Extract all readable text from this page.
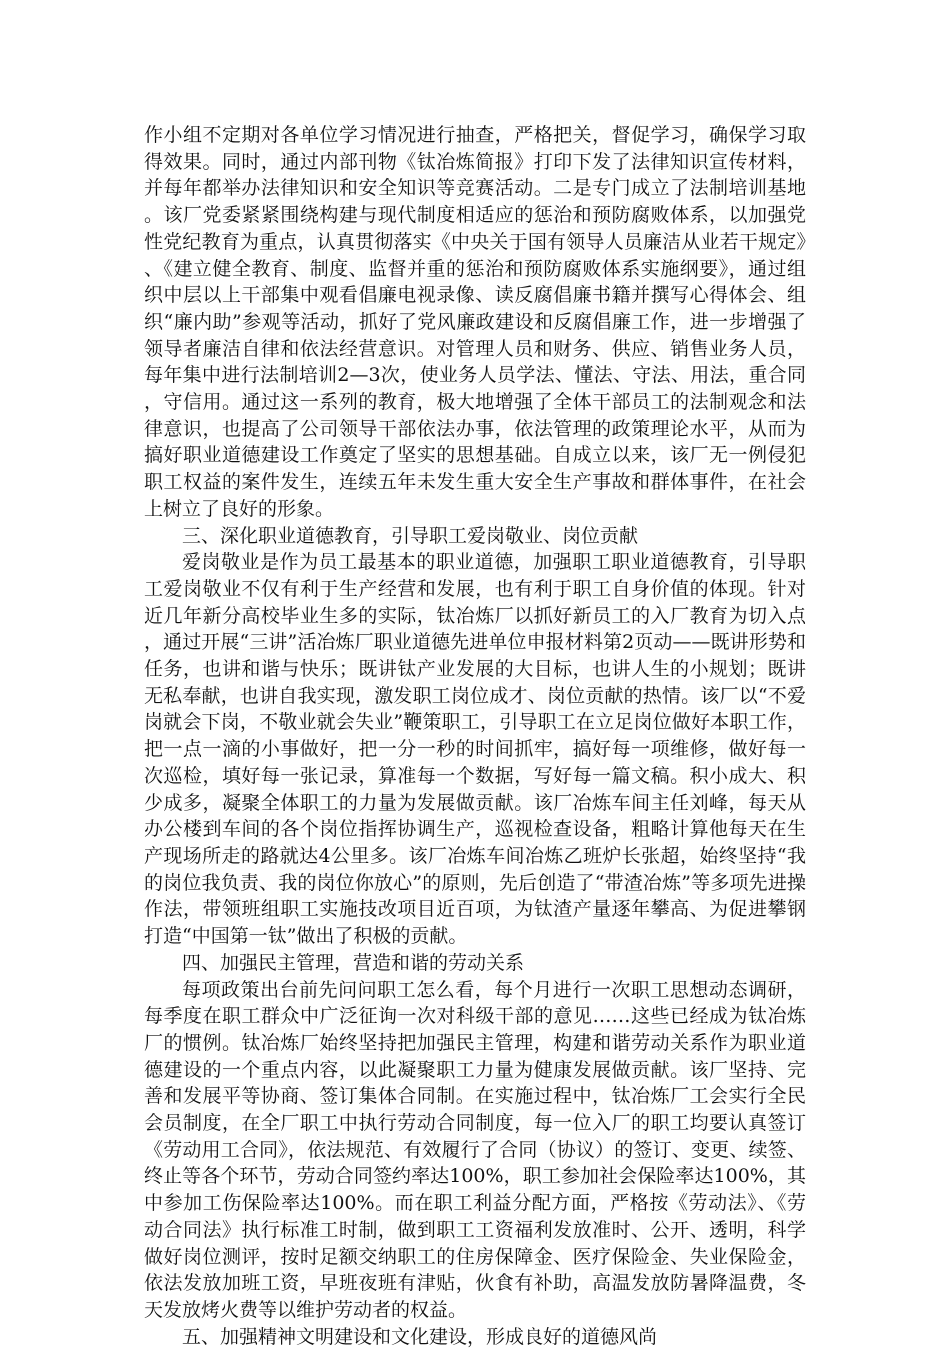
作小组不定期对各单位学习情况进行抽查，严格把关，督促学习，确保学习取得效果。同时，通过内部刊物《钛冶炼简报》打印下发了法律知识宣传材料，并每年都举办法律知识和安全知识等竞赛活动。二是专门成立了法制培训基地。该厂党委紧紧围绕构建与现代制度相适应的惩治和预防腐败体系，以加强党性党纪教育为重点，认真贯彻落实《中央关于国有领导人员廉洁从业若干规定》、《建立健全教育、制度、监督并重的惩治和预防腐败体系实施纲要》，通过组织中层以上干部集中观看倡廉电视录像、读反腐倡廉书籍并撰写心得体会、组织“廉内助”参观等活动，抓好了党风廉政建设和反腐倡廉工作，进一步增强了领导者廉洁自律和依法经营意识。对管理人员和财务、供应、销售业务人员，每年集中进行法制培训2—3次，使业务人员学法、懂法、守法、用法，重合同，守信用。通过这一系列的教育，极大地增强了全体干部员工的法制观念和法律意识，也提高了公司领导干部依法办事，依法管理的政策理论水平，从而为搞好职业道德建设工作奠定了坚实的思想基础。自成立以来，该厂无一例侵犯职工权益的案件发生，连续五年未发生重大安全生产事故和群体事件，在社会上树立了良好的形象。

三、深化职业道德教育，引导职工爱岗敬业、岗位贡献

爱岗敬业是作为员工最基本的职业道德，加强职工职业道德教育，引导职工爱岗敬业不仅有利于生产经营和发展，也有利于职工自身价值的体现。针对近几年新分高校毕业生多的实际，钛冶炼厂以抓好新员工的入厂教育为切入点，通过开展“三讲”活冶炼厂职业道德先进单位申报材料第2页动——既讲形势和任务，也讲和谐与快乐；既讲钛产业发展的大目标，也讲人生的小规划；既讲无私奉献，也讲自我实现，激发职工岗位成才、岗位贡献的热情。该厂以“不爱岗就会下岗，不敬业就会失业”鞭策职工，引导职工在立足岗位做好本职工作，把一点一滴的小事做好，把一分一秒的时间抓牢，搞好每一项维修，做好每一次巡检，填好每一张记录，算准每一个数据，写好每一篇文稿。积小成大、积少成多，凝聚全体职工的力量为发展做贡献。该厂冶炼车间主任刘峰，每天从办公楼到车间的各个岗位指挥协调生产，巡视检查设备，粗略计算他每天在生产现场所走的路就达4公里多。该厂冶炼车间冶炼乙班炉长张超，始终坚持“我的岗位我负责、我的岗位你放心”的原则，先后创造了“带渣冶炼”等多项先进操作法，带领班组职工实施技改项目近百项，为钛渣产量逐年攀高、为促进攀钢打造“中国第一钛”做出了积极的贡献。

四、加强民主管理，营造和谐的劳动关系

每项政策出台前先问问职工怎么看，每个月进行一次职工思想动态调研，每季度在职工群众中广泛征询一次对科级干部的意见……这些已经成为钛冶炼厂的惯例。钛冶炼厂始终坚持把加强民主管理，构建和谐劳动关系作为职业道德建设的一个重点内容，以此凝聚职工力量为健康发展做贡献。该厂坚持、完善和发展平等协商、签订集体合同制。在实施过程中，钛冶炼厂工会实行全民会员制度，在全厂职工中执行劳动合同制度，每一位入厂的职工均要认真签订《劳动用工合同》，依法规范、有效履行了合同（协议）的签订、变更、续签、终止等各个环节，劳动合同签约率达100%，职工参加社会保险率达100%，其中参加工伤保险率达100%。而在职工利益分配方面，严格按《劳动法》、《劳动合同法》执行标准工时制，做到职工工资福利发放准时、公开、透明，科学做好岗位测评，按时足额交纳职工的住房保障金、医疗保险金、失业保险金，依法发放加班工资，早班夜班有津贴，伙食有补助，高温发放防暑降温费，冬天发放烤火费等以维护劳动者的权益。

五、加强精神文明建设和文化建设，形成良好的道德风尚
